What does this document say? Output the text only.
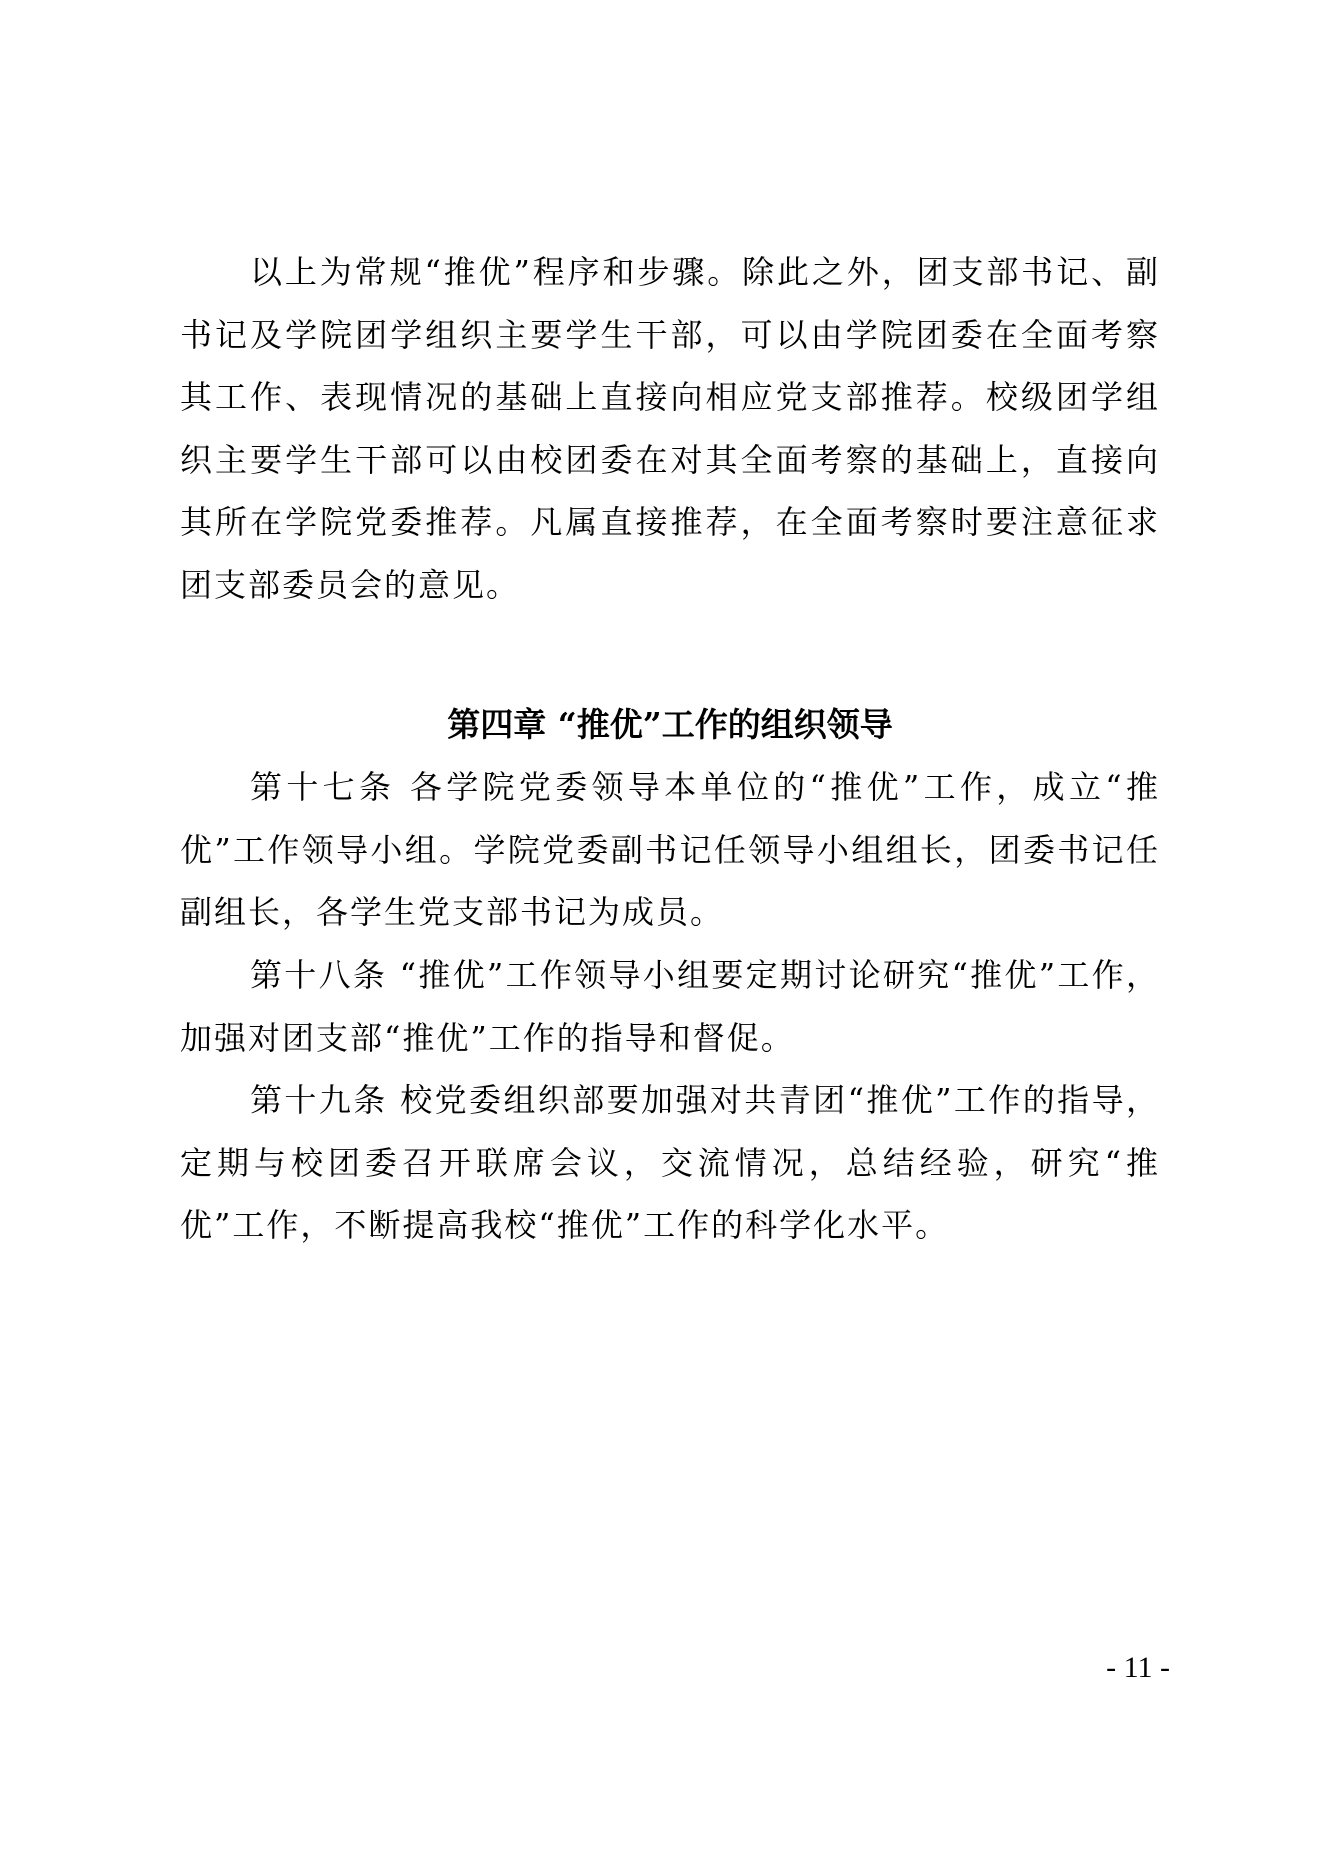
以上为常规“推优”程序和步骤。除此之外，团支部书记、副书记及学院团学组织主要学生干部，可以由学院团委在全面考察其工作、表现情况的基础上直接向相应党支部推荐。校级团学组织主要学生干部可以由校团委在对其全面考察的基础上，直接向其所在学院党委推荐。凡属直接推荐，在全面考察时要注意征求团支部委员会的意见。

第四章 “推优”工作的组织领导

第十七条 各学院党委领导本单位的“推优”工作，成立“推优”工作领导小组。学院党委副书记任领导小组组长，团委书记任副组长，各学生党支部书记为成员。

第十八条 “推优”工作领导小组要定期讨论研究“推优”工作，加强对团支部“推优”工作的指导和督促。

第十九条 校党委组织部要加强对共青团“推优”工作的指导，定期与校团委召开联席会议，交流情况，总结经验，研究“推优”工作，不断提高我校“推优”工作的科学化水平。

- 11 -
